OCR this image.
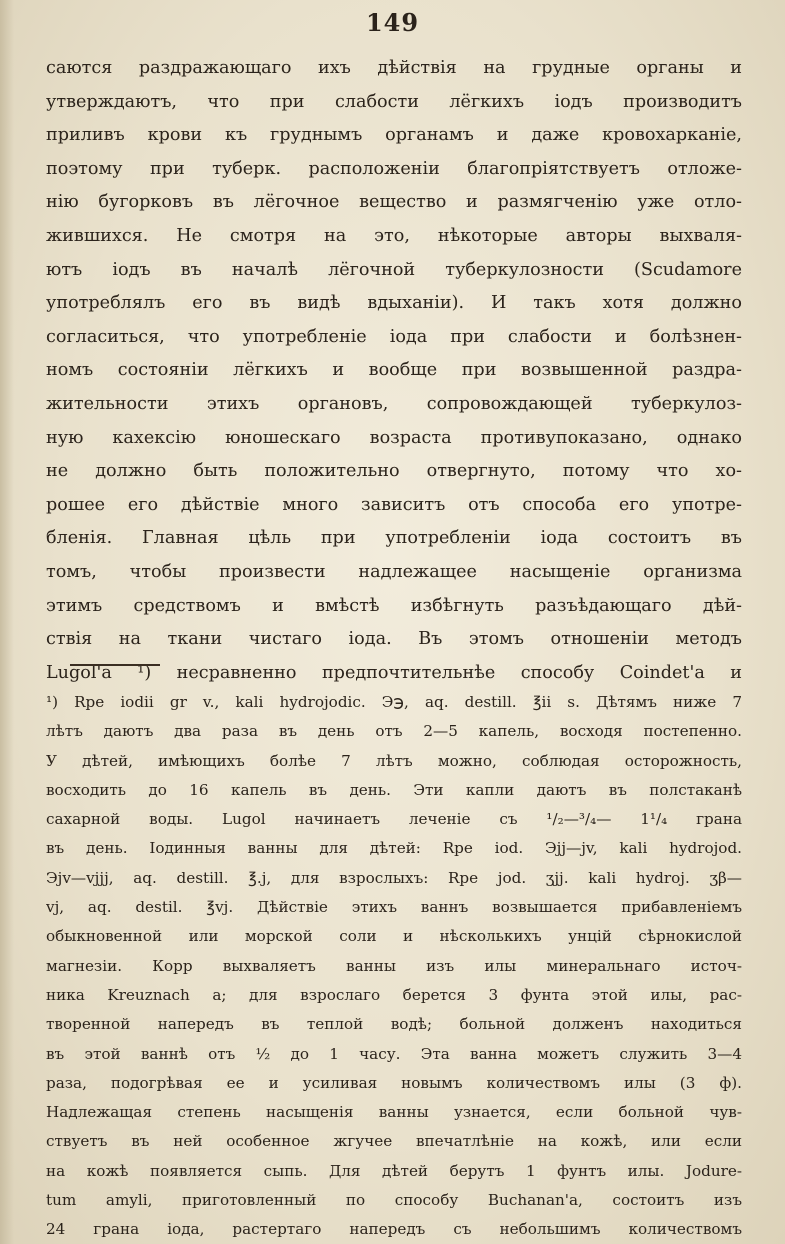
149
саются раздражающаго ихъ дѣйствія на грудные органы и
утверждаютъ, что при слабости лёгкихъ іодъ производитъ
приливъ крови къ груднымъ органамъ и даже кровохарканіе,
поэтому при туберк. расположеніи благопріятствуетъ отложе-
нію бугорковъ въ лёгочное вещество и размягченію уже отло-
жившихся. Не смотря на это, нѣкоторые авторы выхваля-
ютъ іодъ въ началѣ лёгочной туберкулозности (Scudamore
употреблялъ его въ видѣ вдыханіи). И такъ хотя должно
согласиться, что употребленіе іода при слабости и болѣзнен-
номъ состояніи лёгкихъ и вообще при возвышенной раздра-
жительности этихъ органовъ, сопровождающей туберкулоз-
ную кахексію юношескаго возраста противупоказано, однако
не должно быть положительно отвергнуто, потому что хо-
рошее его дѣйствіе много зависитъ отъ способа его употре-
бленія. Главная цѣль при употребленіи іода состоитъ въ
томъ, чтобы произвести надлежащее насыщеніе организма
этимъ средствомъ и вмѣстѣ избѣгнуть разъѣдающаго дѣй-
ствія на ткани чистаго іода. Въ этомъ отношеніи методъ
Lugol'а ¹) несравненно предпочтительнѣе способу Coindet'а и
¹) Rpe iodii gr v., kali hydrojodic. Э℈, aq. destill. ℥ii s. Дѣтямъ ниже 7
лѣтъ даютъ два раза въ день отъ 2—5 капель, восходя постепенно.
У дѣтей, имѣющихъ болѣе 7 лѣтъ можно, соблюдая осторожность,
восходить до 16 капель въ день. Эти капли даютъ въ полстаканѣ
сахарной воды. Lugol начинаетъ леченіе съ ¹/₂—³/₄— 1¹/₄ грана
въ день. Іодинныя ванны для дѣтей: Rpe iod. Эjj—jv, kali hydrojod.
Эjv—vjjj, aq. destill. ℥.j, для взрослыхъ: Rpe jod. ʒjj. kali hydroj. ʒβ—
vj, aq. destil. ℥vj. Дѣйствіе этихъ ваннъ возвышается прибавленіемъ
обыкновенной или морской соли и нѣсколькихъ унцій сѣрнокислой
магнезіи. Корр выхваляетъ ванны изъ илы минеральнаго источ-
ника Kreuznach а; для взрослаго берется 3 фунта этой илы, рас-
творенной напередъ въ теплой водѣ; больной долженъ находиться
въ этой ваннѣ отъ ½ до 1 часу. Эта ванна можетъ служить 3—4
раза, подогрѣвая ее и усиливая новымъ количествомъ илы (3 ф).
Надлежащая степень насыщенія ванны узнается, если больной чув-
ствуетъ въ ней особенное жгучее впечатлѣніе на кожѣ, или если
на кожѣ появляется сыпь. Для дѣтей берутъ 1 фунтъ илы. Jodure-
tum amyli, приготовленный по способу Buchanan'а, состоитъ изъ
24 грана іода, растертаго напередъ съ небольшимъ количествомъ
